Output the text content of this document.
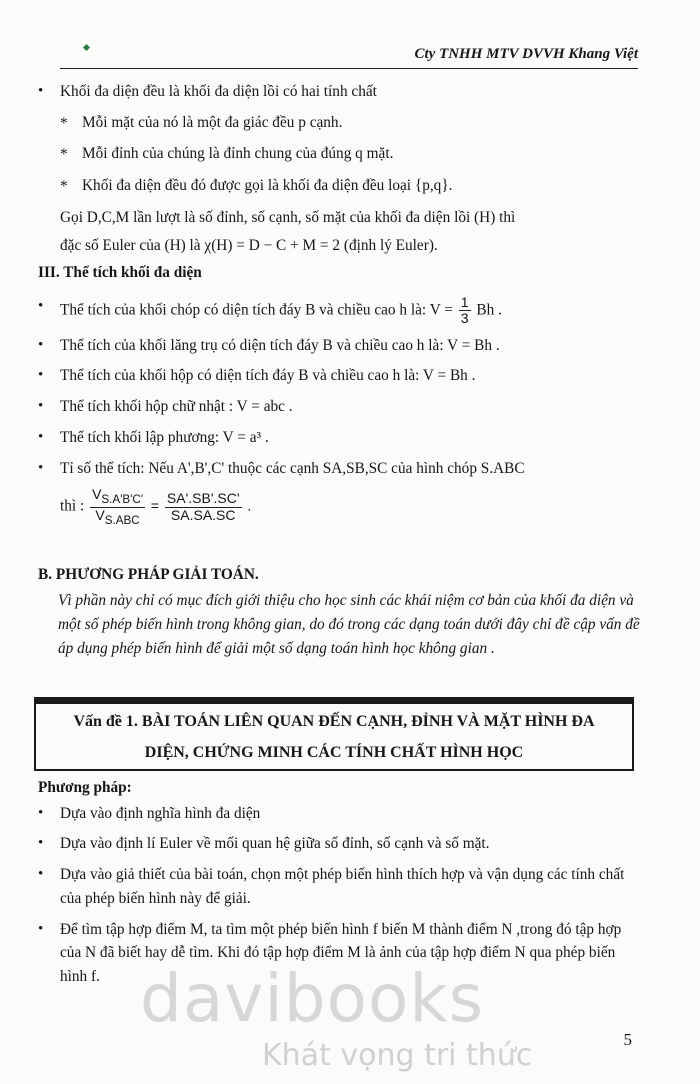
Cty TNHH MTV DVVH Khang Việt

• Khối đa diện đều là khối đa diện lồi có hai tính chất

* Mỗi mặt của nó là một đa giác đều p cạnh.

* Mỗi đỉnh của chúng là đỉnh chung của đúng q mặt.

* Khối đa diện đều đó được gọi là khối đa diện đều loại {p,q}.

Gọi D,C,M lần lượt là số đỉnh, số cạnh, số mặt của khối đa diện lồi (H) thì

đặc số Euler của (H) là χ(H) = D − C + M = 2 (định lý Euler).

III. Thể tích khối đa diện

• Thể tích của khối chóp có diện tích đáy B và chiều cao h là: $V = \frac{1}{3}$ Bh .

• Thể tích của khối lăng trụ có diện tích đáy B và chiều cao h là: V = Bh .

• Thể tích của khối hộp có diện tích đáy B và chiều cao h là: V = Bh .

• Thể tích khối hộp chữ nhật : V = abc .

• Thể tích khối lập phương: V = a³ .

• Tỉ số thể tích: Nếu A',B',C' thuộc các cạnh SA,SB,SC của hình chóp S.ABC

thì : $\frac{V_{S.A'B'C'}}{V_{S.ABC}} = \frac{SA'.SB'.SC'}{SA.SA.SC}$ .

B. PHƯƠNG PHÁP GIẢI TOÁN.

Vì phần này chỉ có mục đích giới thiệu cho học sinh các khái niệm cơ bản của khối đa diện và một số phép biến hình trong không gian, do đó trong các dạng toán dưới đây chỉ đề cập vấn đề áp dụng phép biến hình để giải một số dạng toán hình học không gian .

Vấn đề 1. BÀI TOÁN LIÊN QUAN ĐẾN CẠNH, ĐỈNH VÀ MẶT HÌNH ĐA
DIỆN, CHỨNG MINH CÁC TÍNH CHẤT HÌNH HỌC

Phương pháp:

• Dựa vào định nghĩa hình đa diện

• Dựa vào định lí Euler về mối quan hệ giữa số đỉnh, số cạnh và số mặt.

• Dựa vào giả thiết của bài toán, chọn một phép biến hình thích hợp và vận dụng các tính chất của phép biến hình này để giải.

• Để tìm tập hợp điểm M, ta tìm một phép biến hình f biến M thành điểm N ,trong đó tập hợp của N đã biết hay dễ tìm. Khi đó tập hợp điểm M là ảnh của tập hợp điểm N qua phép biến hình f. davibooks
Khát vọng tri thức	5
